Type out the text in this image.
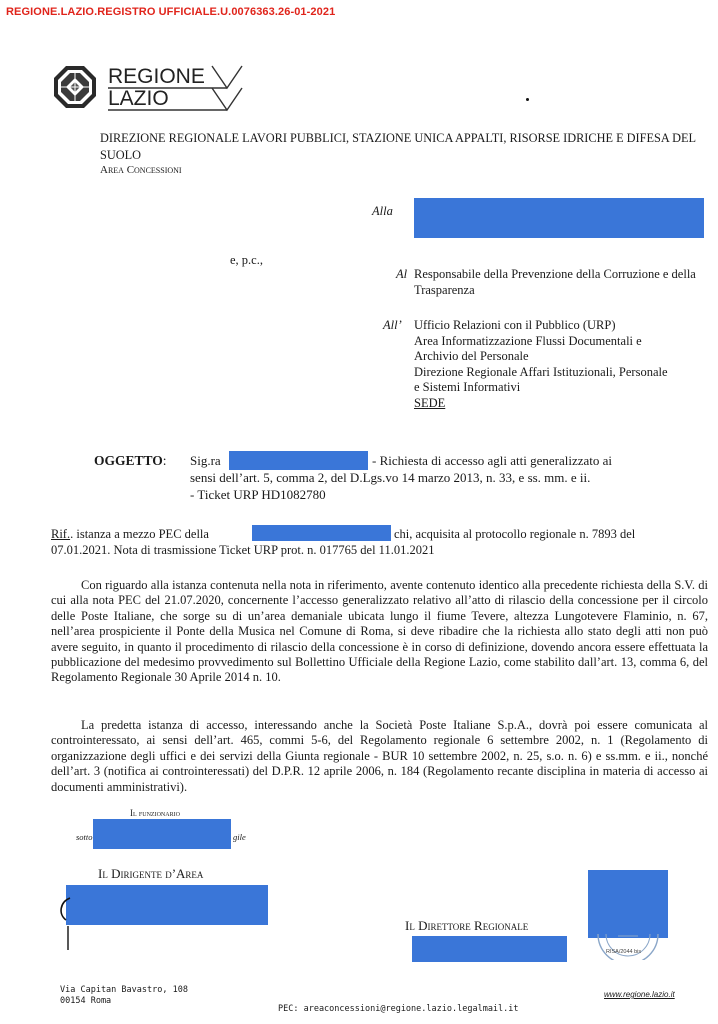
REGIONE.LAZIO.REGISTRO UFFICIALE.U.0076363.26-01-2021
REGIONE
LAZIO
DIREZIONE REGIONALE LAVORI PUBBLICI, STAZIONE UNICA APPALTI, RISORSE IDRICHE E DIFESA DEL SUOLO
Area Concessioni
Alla
e, p.c.,
Al Responsabile della Prevenzione della Corruzione e della Trasparenza
All’ Ufficio Relazioni con il Pubblico (URP)
Area Informatizzazione Flussi Documentali e
Archivio del Personale
Direzione Regionale Affari Istituzionali, Personale
e Sistemi Informativi
SEDE
OGGETTO: Sig.ra	- Richiesta di accesso agli atti generalizzato ai
sensi dell’art. 5, comma 2, del D.Lgs.vo 14 marzo 2013, n. 33, e ss. mm. e ii.
- Ticket URP HD1082780
Rif.. istanza a mezzo PEC della	chi, acquisita al protocollo regionale n. 7893 del
07.01.2021. Nota di trasmissione Ticket URP prot. n. 017765 del 11.01.2021
Con riguardo alla istanza contenuta nella nota in riferimento, avente contenuto identico alla precedente richiesta della S.V. di cui alla nota PEC del 21.07.2020, concernente l’accesso generalizzato relativo all’atto di rilascio della concessione per il circolo delle Poste Italiane, che sorge su di un’area demaniale ubicata lungo il fiume Tevere, altezza Lungotevere Flaminio, n. 67, nell’area prospiciente il Ponte della Musica nel Comune di Roma, si deve ribadire che la richiesta allo stato degli atti non può avere seguito, in quanto il procedimento di rilascio della concessione è in corso di definizione, dovendo ancora essere effettuata la pubblicazione del medesimo provvedimento sul Bollettino Ufficiale della Regione Lazio, come stabilito dall’art. 13, comma 6, del Regolamento Regionale 30 Aprile 2014 n. 10.
La predetta istanza di accesso, interessando anche la Società Poste Italiane S.p.A., dovrà poi essere comunicata al controinteressato, ai sensi dell’art. 465, commi 5-6, del Regolamento regionale 6 settembre 2002, n. 1 (Regolamento di organizzazione degli uffici e dei servizi della Giunta regionale - BUR 10 settembre 2002, n. 25, s.o. n. 6) e ss.mm. e ii., nonché dell’art. 3 (notifica ai controinteressati) del D.P.R. 12 aprile 2006, n. 184 (Regolamento recante disciplina in materia di accesso ai documenti amministrativi).
Il funzionario
sotto	gile
Il Dirigente d’Area
Il Direttore Regionale
RISA/2044 bis
Via Capitan Bavastro, 108
00154 Roma
PEC: areaconcessioni@regione.lazio.legalmail.it
www.regione.lazio.it
